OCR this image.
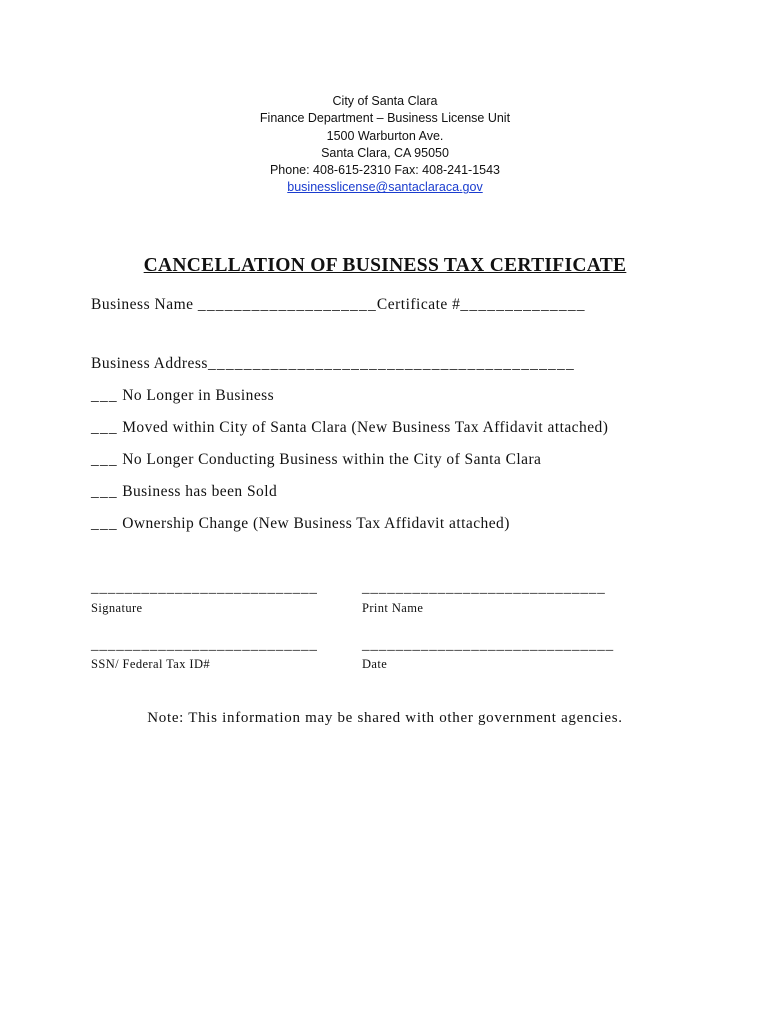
City of Santa Clara
Finance Department – Business License Unit
1500 Warburton Ave.
Santa Clara, CA 95050
Phone: 408-615-2310 Fax: 408-241-1543
businesslicense@santaclaraca.gov
CANCELLATION OF BUSINESS TAX CERTIFICATE
Business Name ____________________Certificate #______________
Business Address_________________________________________
___ No Longer in Business
___ Moved within City of Santa Clara (New Business Tax Affidavit attached)
___ No Longer Conducting Business within the City of Santa Clara
___ Business has been Sold
___ Ownership Change (New Business Tax Affidavit attached)
___________________________	_____________________________
Signature	Print Name
___________________________	______________________________
SSN/ Federal Tax ID#	Date
Note: This information may be shared with other government agencies.
